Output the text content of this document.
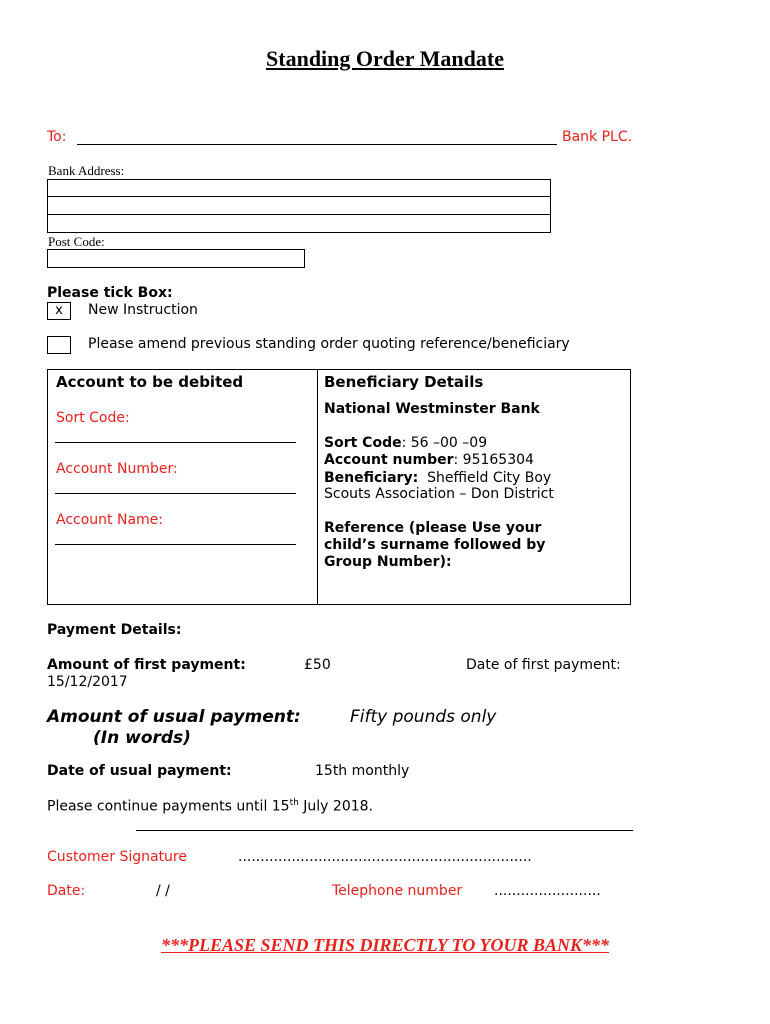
Standing Order Mandate
To:	Bank PLC.
Bank Address:
Post Code:
Please tick Box:
x	New Instruction
Please amend previous standing order quoting reference/beneficiary
Account to be debited
Sort Code:
Account Number:
Account Name:
Beneficiary Details
National Westminster Bank
Sort Code: 56 –00 –09
Account number: 95165304
Beneficiary: Sheffield City Boy
Scouts Association – Don District
Reference (please Use your
child’s surname followed by
Group Number):
Payment Details:
Amount of first payment:	£50	Date of first payment:
15/12/2017
Amount of usual payment:
(In words)
Fifty pounds only
Date of usual payment:	15th monthly
Please continue payments until 15th July 2018.
Customer Signature	..................................................................
Date:	/ /	Telephone number ........................
***PLEASE SEND THIS DIRECTLY TO YOUR BANK***
